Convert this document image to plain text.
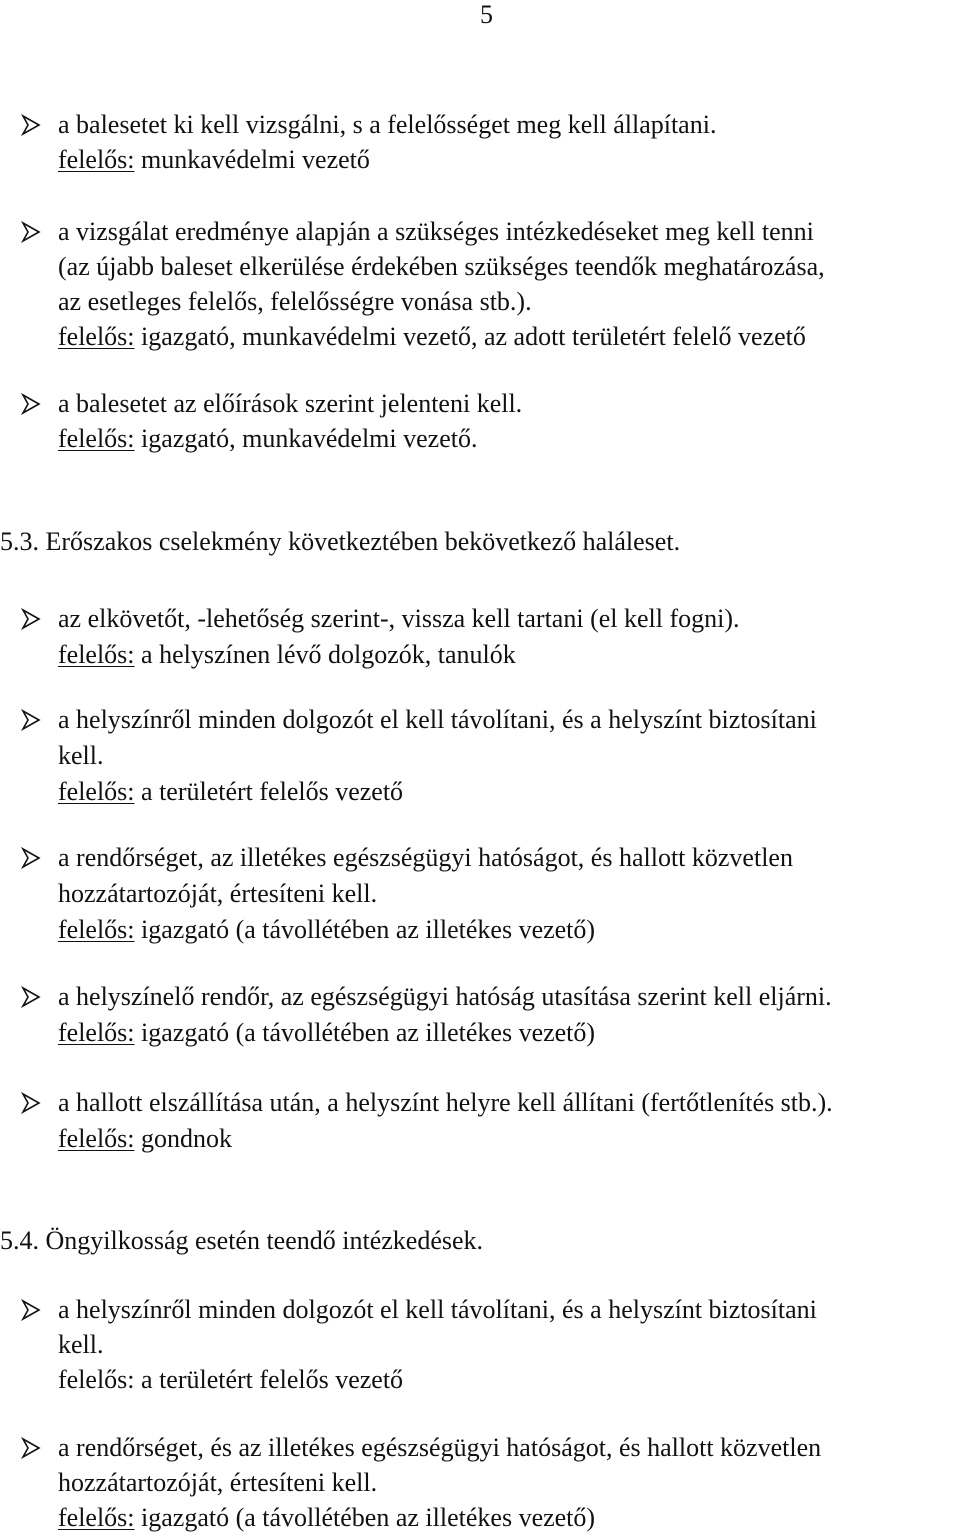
5
a balesetet ki kell vizsgálni, s a felelősséget meg kell állapítani.
felelős: munkavédelmi vezető
a vizsgálat eredménye alapján a szükséges intézkedéseket meg kell tenni
(az újabb baleset elkerülése érdekében szükséges teendők meghatározása,
az esetleges felelős, felelősségre vonása stb.).
felelős: igazgató, munkavédelmi vezető, az adott területért felelő vezető
a balesetet az előírások szerint jelenteni kell.
felelős: igazgató, munkavédelmi vezető.
5.3. Erőszakos cselekmény következtében bekövetkező haláleset.
az elkövetőt, -lehetőség szerint-, vissza kell tartani (el kell fogni).
felelős: a helyszínen lévő dolgozók, tanulók
a helyszínről minden dolgozót el kell távolítani, és a helyszínt biztosítani
kell.
felelős: a területért felelős vezető
a rendőrséget, az illetékes egészségügyi hatóságot, és hallott közvetlen
hozzátartozóját, értesíteni kell.
felelős: igazgató (a távollétében az illetékes vezető)
a helyszínelő rendőr, az egészségügyi hatóság utasítása szerint kell eljárni.
felelős: igazgató (a távollétében az illetékes vezető)
a hallott elszállítása után, a helyszínt helyre kell állítani (fertőtlenítés stb.).
felelős: gondnok
5.4. Öngyilkosság esetén teendő intézkedések.
a helyszínről minden dolgozót el kell távolítani, és a helyszínt biztosítani
kell.
felelős: a területért felelős vezető
a rendőrséget, és az illetékes egészségügyi hatóságot, és hallott közvetlen
hozzátartozóját, értesíteni kell.
felelős: igazgató (a távollétében az illetékes vezető)
